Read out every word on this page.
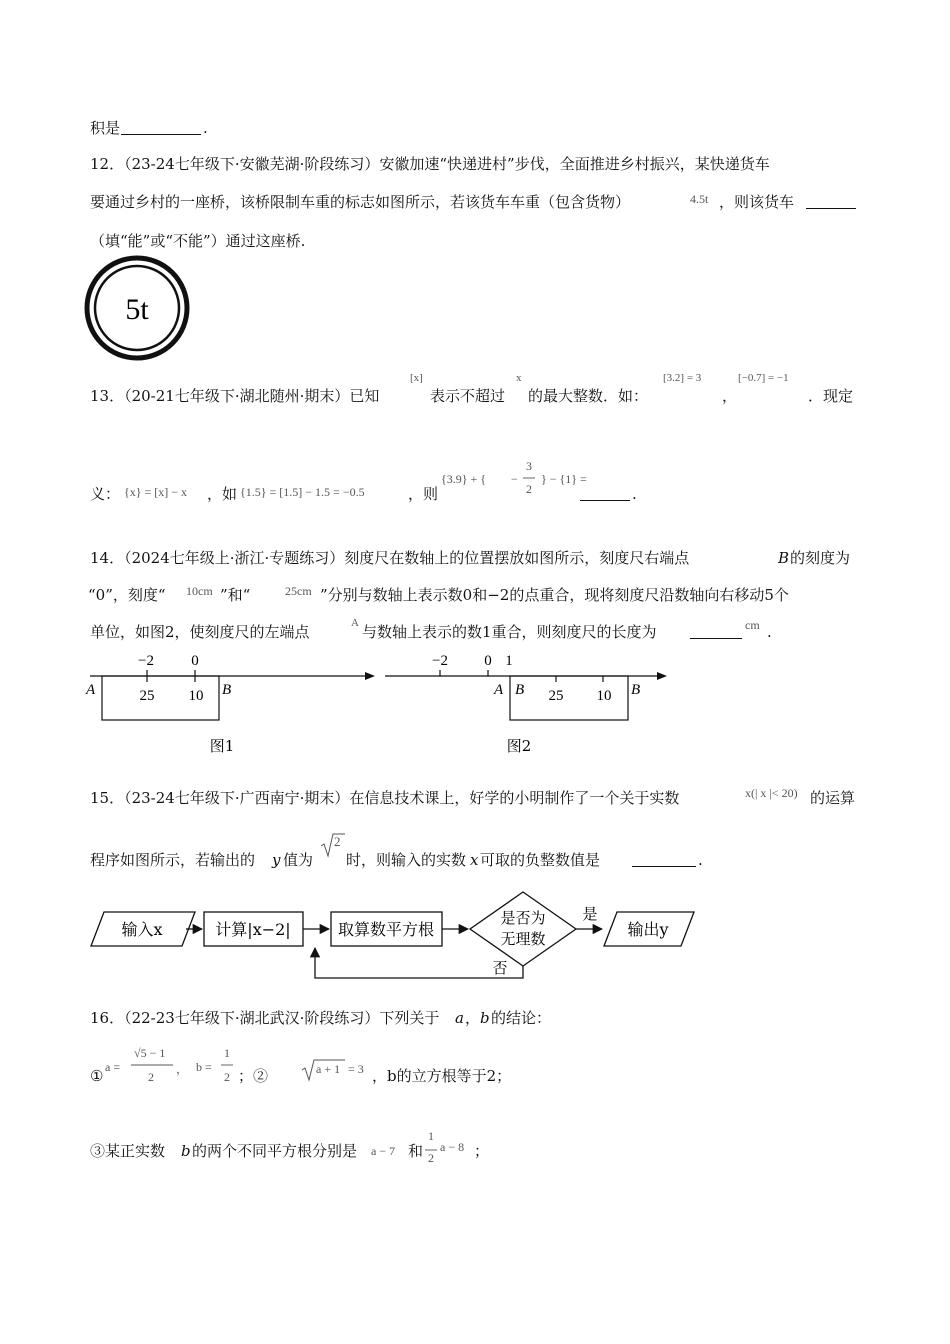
积是	.
12．（23-24七年级下·安徽芜湖·阶段练习）安徽加速“快递进村”步伐，全面推进乡村振兴，某快递货车
要通过乡村的一座桥，该桥限制车重的标志如图所示，若该货车车重（包含货物）	4.5t ，则该货车
（填“能”或“不能”）通过这座桥.
5t
13．（20-21七年级下·湖北随州·期末）已知
[x]
表示不超过
x
的最大整数．如：
[3.2] = 3
，
[−0.7] = −1
．现定
义： {x} = [x] − x ，如 {1.5} = [1.5] − 1.5 = −0.5	，则
{3.9} + { −
3
2
} − {1} =
.
14．（2024七年级上·浙江·专题练习）刻度尺在数轴上的位置摆放如图所示，刻度尺右端点	B 的刻度为
“0”，刻度“ 10cm ”和“	25cm ”分别与数轴上表示数0和−2的点重合，现将刻度尺沿数轴向右移动5个
单位，如图2，使刻度尺的左端点	A 与数轴上表示的数1重合，则刻度尺的长度为	cm .
−2 0
A	B
25 10
图1
−2 0 1
A B	B
25 10
图2
15．（23-24七年级下·广西南宁·期末）在信息技术课上，好学的小明制作了一个关于实数	x(| x |< 20) 的运算
程序如图所示，若输出的 y 值为
2
时，则输入的实数 x 可取的负整数值是	.
输入x	计算|x−2|	取算数平方根
是否为
无理数
是
输出y
否
16．（22-23七年级下·湖北武汉·阶段练习）下列关于 a ， b 的结论：
① a =
√5 − 1
2
， b =
1
2 ；②	a + 1 = 3 ，b的立方根等于2；
③某正实数 b 的两个不同平方根分别是 a − 7 和
1
2
a − 8 ；
